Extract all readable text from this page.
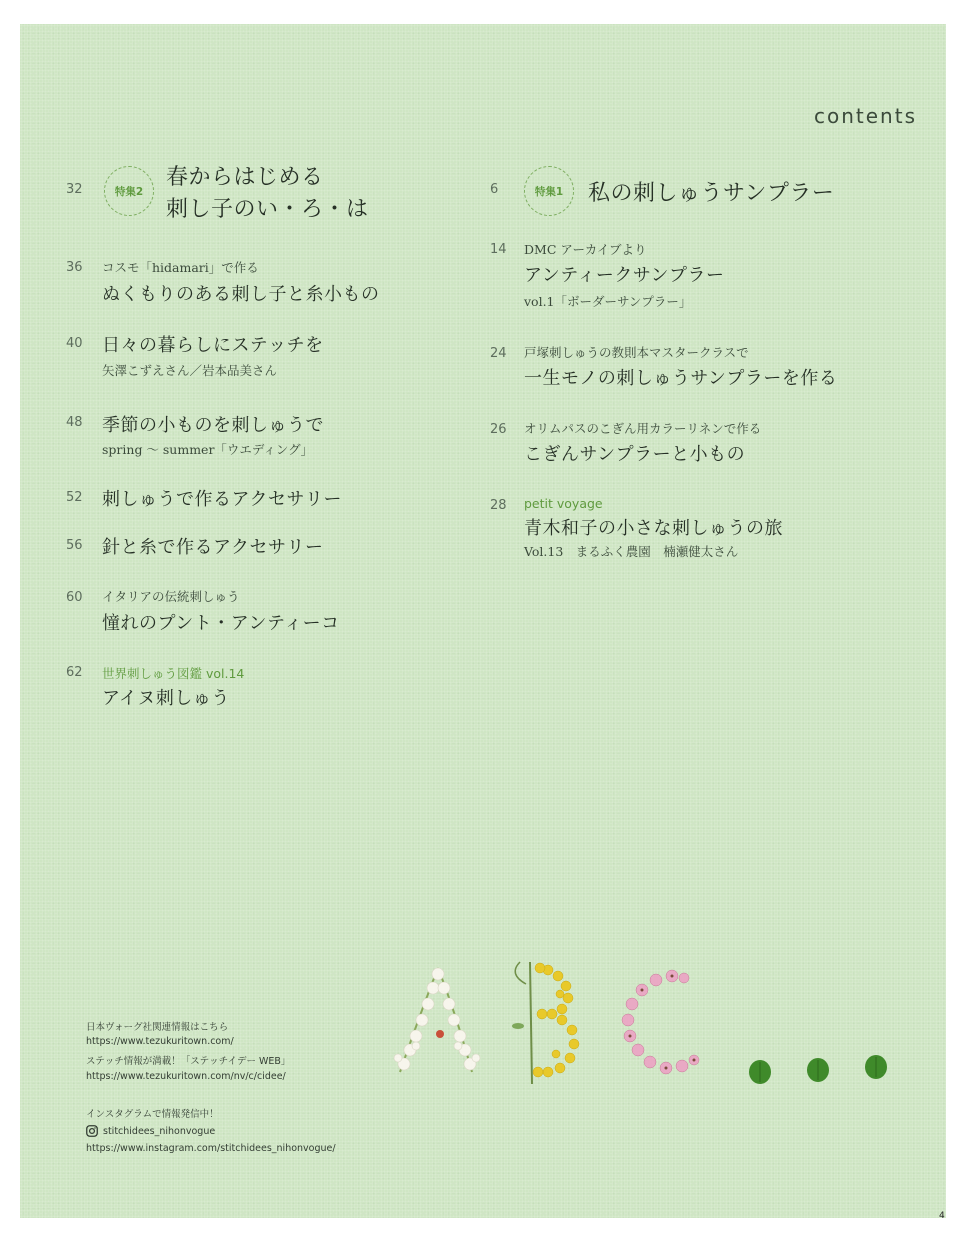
contents
32	特集2
春からはじめる
刺し子のい・ろ・は
36 コスモ「hidamari」で作る
ぬくもりのある刺し子と糸小もの
40 日々の暮らしにステッチを
矢澤こずえさん／岩本品美さん
48 季節の小ものを刺しゅうで
spring ～ summer「ウエディング」
52 刺しゅうで作るアクセサリー
56 針と糸で作るアクセサリー
60 イタリアの伝統刺しゅう
憧れのプント・アンティーコ
62 世界刺しゅう図鑑 vol.14
アイヌ刺しゅう
6	特集1	私の刺しゅうサンプラー
14 DMC アーカイブより
アンティークサンプラー
vol.1「ボーダーサンプラー」
24 戸塚刺しゅうの教則本マスタークラスで
一生モノの刺しゅうサンプラーを作る
26 オリムパスのこぎん用カラーリネンで作る
こぎんサンプラーと小もの
28 petit voyage
青木和子の小さな刺しゅうの旅
Vol.13　まるふく農園　楠瀬健太さん
日本ヴォーグ社関連情報はこちら
https://www.tezukuritown.com/
ステッチ情報が満載！「ステッチイデー WEB」
https://www.tezukuritown.com/nv/c/cidee/
インスタグラムで情報発信中！
stitchidees_nihonvogue
https://www.instagram.com/stitchidees_nihonvogue/
4
